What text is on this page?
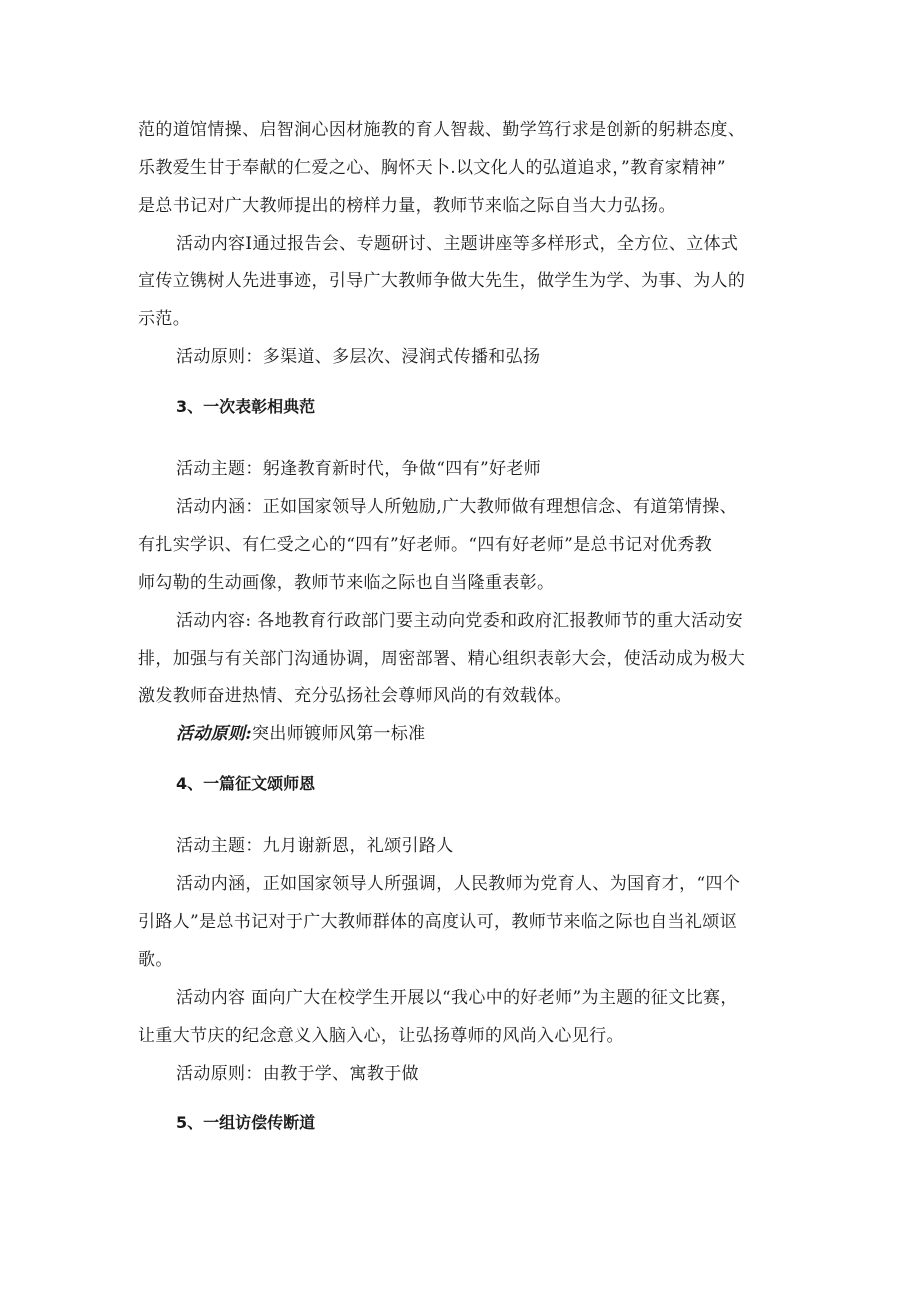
范的道馆情操、启智涧心因材施教的育人智裁、勤学笃行求是创新的躬耕态度、
乐教爱生甘于奉献的仁爱之心、胸怀天卜.以文化人的弘道追求，”教育家精神”
是总书记对广大教师提出的榜样力量，教师节来临之际自当大力弘扬。
活动内容I通过报告会、专题研讨、主题讲座等多样形式，全方位、立体式
宣传立镌树人先进事迹，引导广大教师争做大先生，做学生为学、为事、为人的
示范。
活动原则：多渠道、多层次、浸润式传播和弘扬
3、一次表彰相典范
活动主题：躬逢教育新时代，争做“四有”好老师
活动内涵：正如国家领导人所勉励,广大教师做有理想信念、有道第情操、
有扎实学识、有仁受之心的“四有”好老师。“四有好老师”是总书记对优秀教
师勾勒的生动画像，教师节来临之际也自当隆重表彰。
活动内容: 各地教育行政部门要主动向党委和政府汇报教师节的重大活动安
排，加强与有关部门沟通协调，周密部署、精心组织表彰大会，使活动成为极大
激发教师奋进热情、充分弘扬社会尊师风尚的有效载体。
活动原则:突出师镀师风第一标准
4、一篇征文颂师恩
活动主题：九月谢新恩，礼颂引路人
活动内涵，正如国家领导人所强调，人民教师为党育人、为国育才，“四个
引路人”是总书记对于广大教师群体的高度认可，教师节来临之际也自当礼颂讴
歌。
活动内容 面向广大在校学生开展以“我心中的好老师”为主题的征文比赛，
让重大节庆的纪念意义入脑入心，让弘扬尊师的风尚入心见行。
活动原则：由教于学、寓教于做
5、一组访偿传断道
